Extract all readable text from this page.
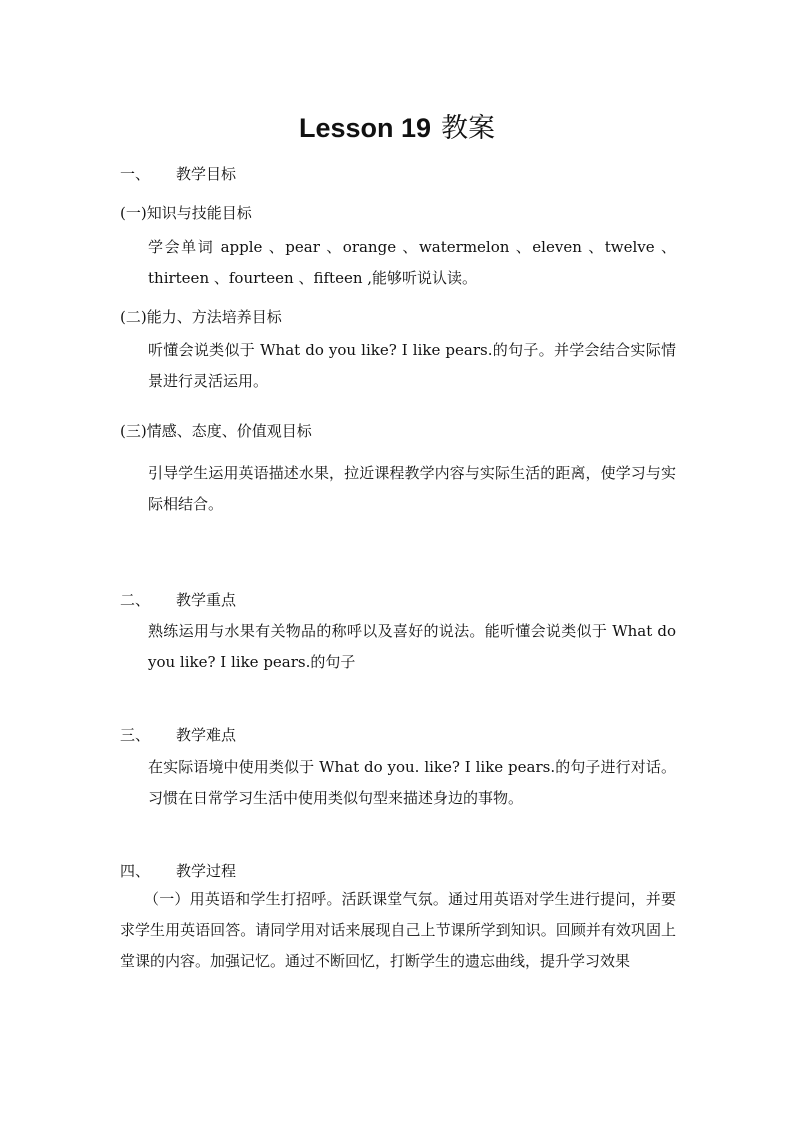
Lesson 19 教案
一、 教学目标
(一)知识与技能目标
学会单词 apple 、pear 、orange 、watermelon 、eleven 、twelve 、thirteen 、fourteen 、fifteen ,能够听说认读。
(二)能力、方法培养目标
听懂会说类似于 What do you like? I like pears.的句子。并学会结合实际情景进行灵活运用。
(三)情感、态度、价值观目标
引导学生运用英语描述水果，拉近课程教学内容与实际生活的距离，使学习与实际相结合。
二、 教学重点
熟练运用与水果有关物品的称呼以及喜好的说法。能听懂会说类似于 What do you like? I like pears.的句子
三、 教学难点
在实际语境中使用类似于 What do you. like? I like pears.的句子进行对话。习惯在日常学习生活中使用类似句型来描述身边的事物。
四、 教学过程
（一）用英语和学生打招呼。活跃课堂气氛。通过用英语对学生进行提问，并要求学生用英语回答。请同学用对话来展现自己上节课所学到知识。回顾并有效巩固上堂课的内容。加强记忆。通过不断回忆，打断学生的遗忘曲线，提升学习效果
